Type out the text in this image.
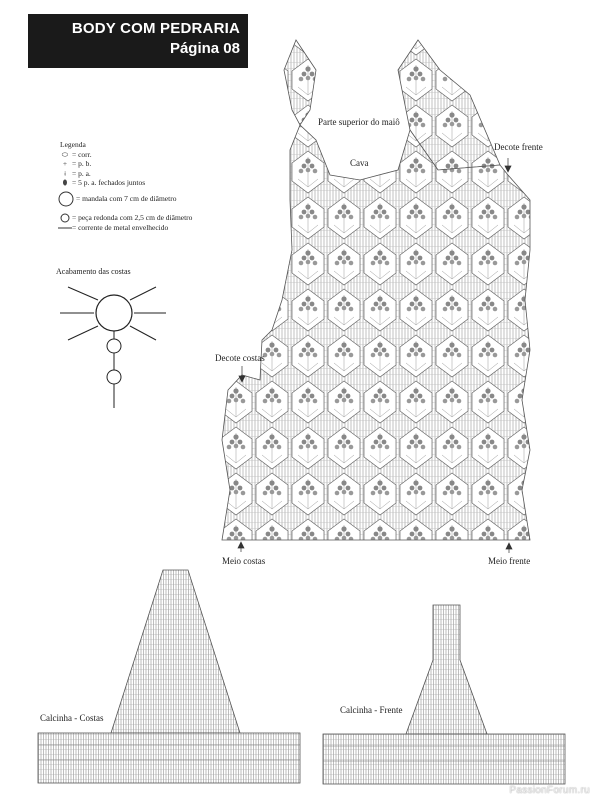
BODY COM PEDRARIA
Página 08
Legenda
⬭ = corr.
+ = p. b.
ǂ = p. a.
⬮ = 5 p. a. fechados juntos
= mandala com 7 cm de diâmetro
= peça redonda com 2,5 cm de diâmetro
= corrente de metal envelhecido
Acabamento das costas
Parte superior do maiô
Cava
Decote frente
Decote costas
Meio costas	Meio frente
Calcinha - Costas
Calcinha - Frente
PassionForum.ru
